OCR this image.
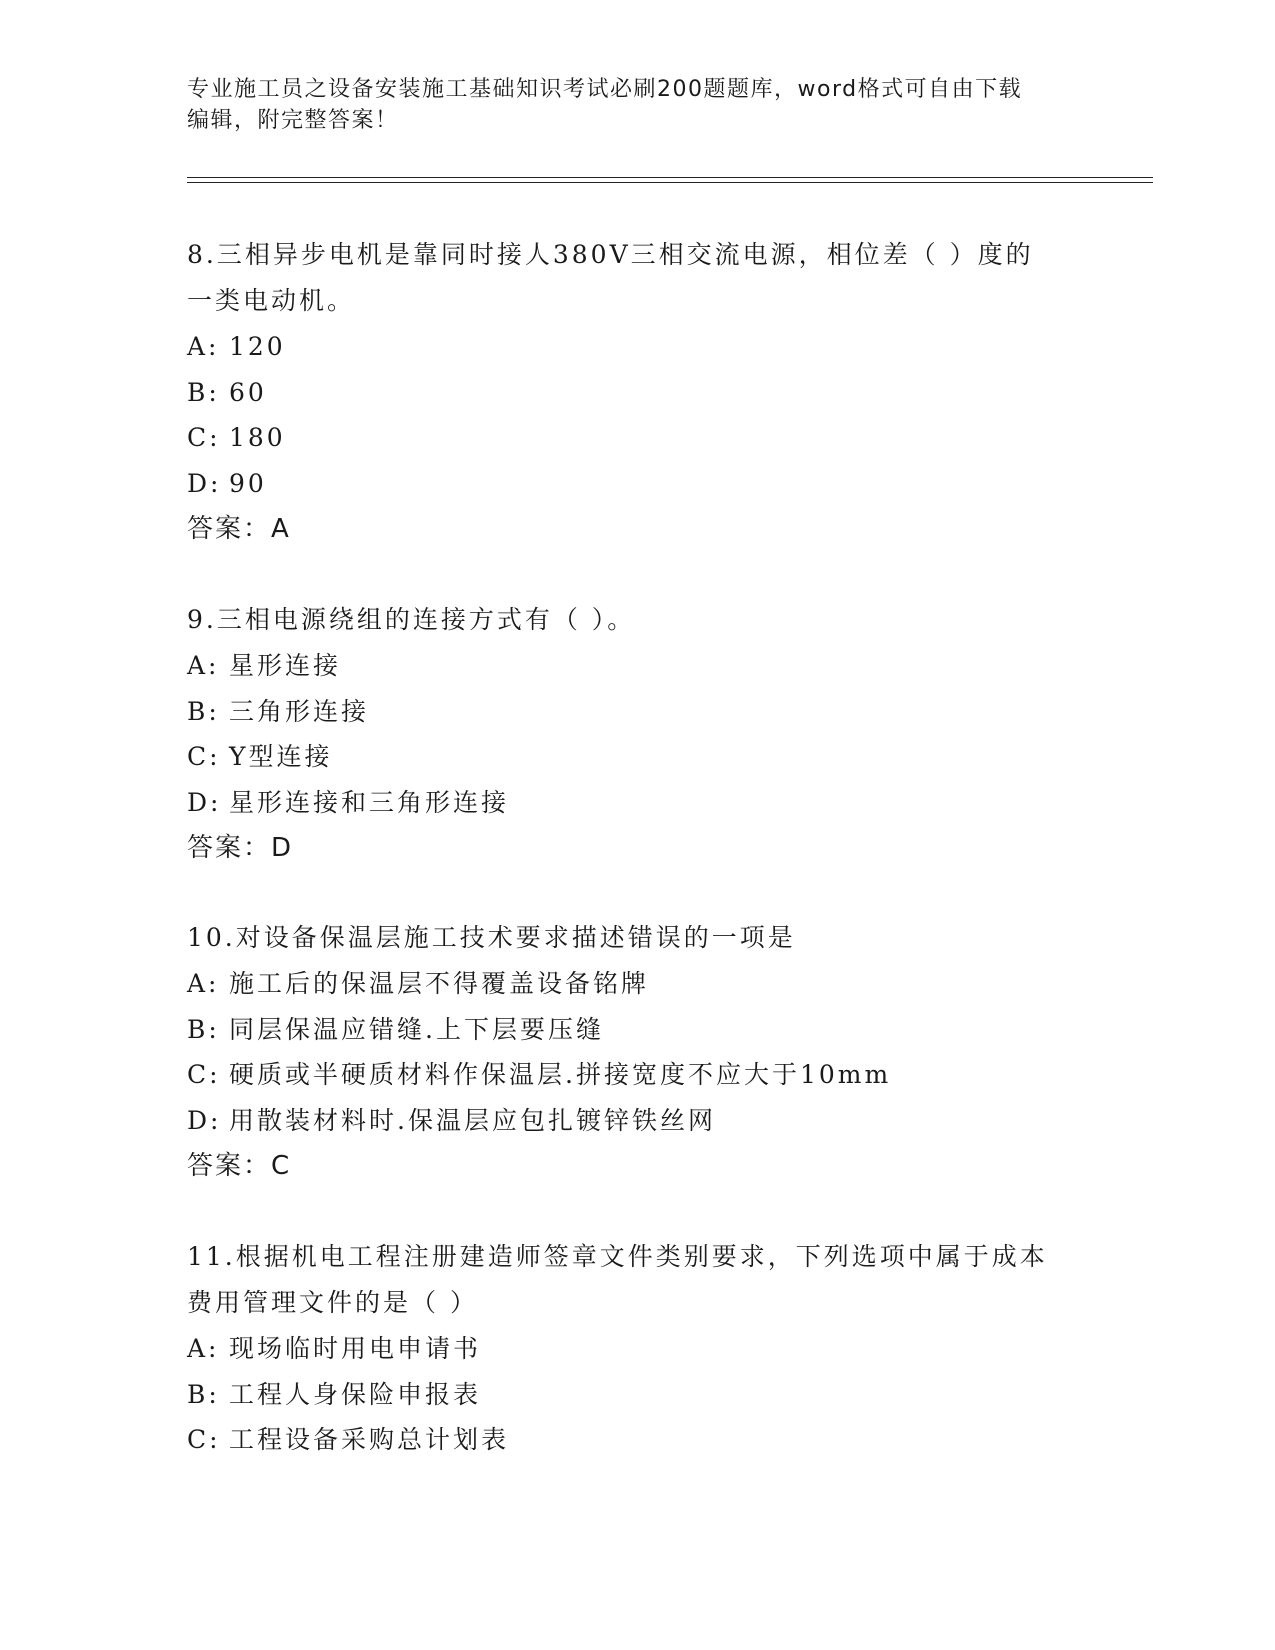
专业施工员之设备安装施工基础知识考试必刷200题题库，word格式可自由下载
编辑，附完整答案！

8.三相异步电机是靠同时接人380V三相交流电源，相位差（ ）度的

一类电动机。

A: 120

B: 60

C: 180

D: 90

答案：A

9.三相电源绕组的连接方式有（ ）。

A: 星形连接

B: 三角形连接

C: Y型连接

D: 星形连接和三角形连接

答案：D

10.对设备保温层施工技术要求描述错误的一项是

A: 施工后的保温层不得覆盖设备铭牌

B: 同层保温应错缝.上下层要压缝

C: 硬质或半硬质材料作保温层.拼接宽度不应大于10mm

D: 用散装材料时.保温层应包扎镀锌铁丝网

答案：C

11.根据机电工程注册建造师签章文件类别要求，下列选项中属于成本

费用管理文件的是（ ）

A: 现场临时用电申请书

B: 工程人身保险申报表

C: 工程设备采购总计划表
